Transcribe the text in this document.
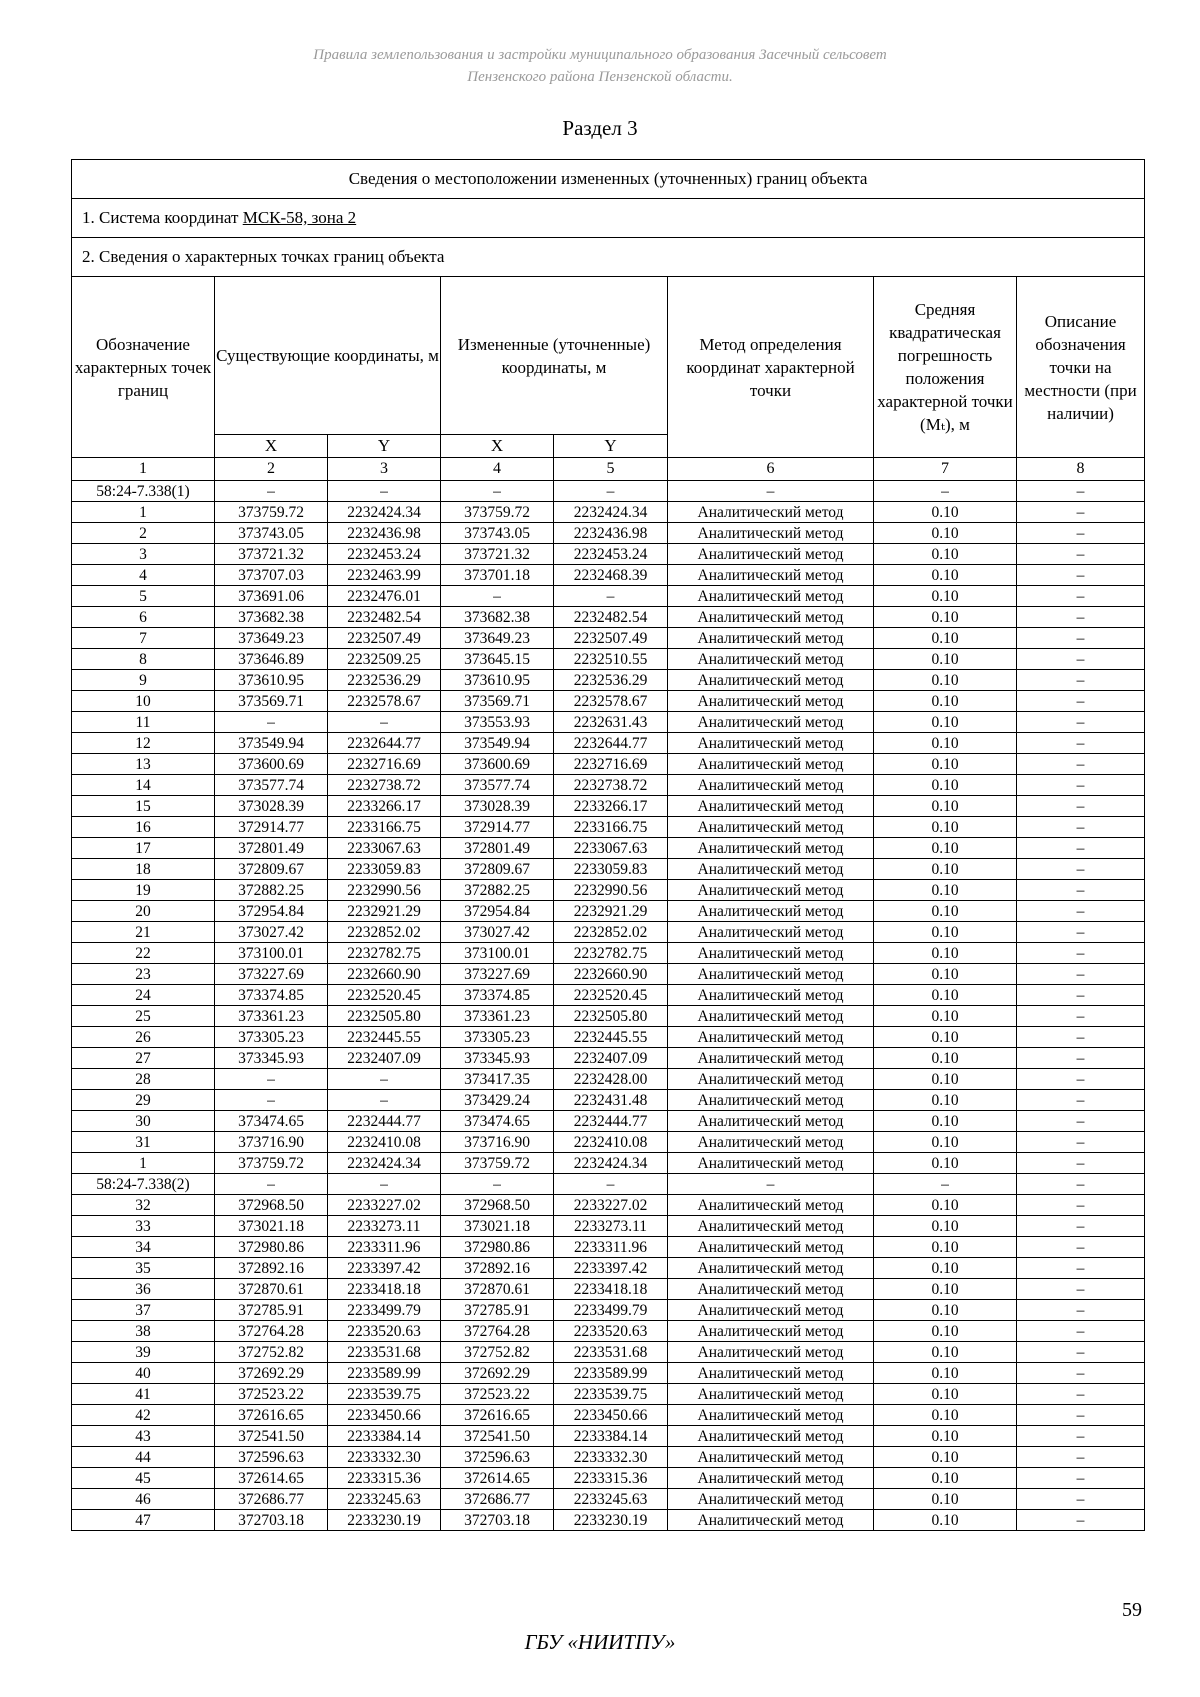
Правила землепользования и застройки муниципального образования Засечный сельсовет
Пензенского района Пензенской области.
Раздел 3
Сведения о местоположении измененных (уточненных) границ объекта							
1. Система координат МСК-58, зона 2							
2. Сведения о характерных точках границ объекта							
Обозначение характерных точек границ	Существующие координаты, м		Измененные (уточненные) координаты, м		Метод определения координат характерной точки	Средняя квадратическая погрешность положения характерной точки (Mₜ), м	Описание обозначения точки на местности (при наличии)
	X	Y	X	Y			
1	2	3	4	5	6	7	8
58:24-7.338(1)	–	–	–	–	–	–	–
1	373759.72	2232424.34	373759.72	2232424.34	Аналитический метод	0.10	–
2	373743.05	2232436.98	373743.05	2232436.98	Аналитический метод	0.10	–
3	373721.32	2232453.24	373721.32	2232453.24	Аналитический метод	0.10	–
4	373707.03	2232463.99	373701.18	2232468.39	Аналитический метод	0.10	–
5	373691.06	2232476.01	–	–	Аналитический метод	0.10	–
6	373682.38	2232482.54	373682.38	2232482.54	Аналитический метод	0.10	–
7	373649.23	2232507.49	373649.23	2232507.49	Аналитический метод	0.10	–
8	373646.89	2232509.25	373645.15	2232510.55	Аналитический метод	0.10	–
9	373610.95	2232536.29	373610.95	2232536.29	Аналитический метод	0.10	–
10	373569.71	2232578.67	373569.71	2232578.67	Аналитический метод	0.10	–
11	–	–	373553.93	2232631.43	Аналитический метод	0.10	–
12	373549.94	2232644.77	373549.94	2232644.77	Аналитический метод	0.10	–
13	373600.69	2232716.69	373600.69	2232716.69	Аналитический метод	0.10	–
14	373577.74	2232738.72	373577.74	2232738.72	Аналитический метод	0.10	–
15	373028.39	2233266.17	373028.39	2233266.17	Аналитический метод	0.10	–
16	372914.77	2233166.75	372914.77	2233166.75	Аналитический метод	0.10	–
17	372801.49	2233067.63	372801.49	2233067.63	Аналитический метод	0.10	–
18	372809.67	2233059.83	372809.67	2233059.83	Аналитический метод	0.10	–
19	372882.25	2232990.56	372882.25	2232990.56	Аналитический метод	0.10	–
20	372954.84	2232921.29	372954.84	2232921.29	Аналитический метод	0.10	–
21	373027.42	2232852.02	373027.42	2232852.02	Аналитический метод	0.10	–
22	373100.01	2232782.75	373100.01	2232782.75	Аналитический метод	0.10	–
23	373227.69	2232660.90	373227.69	2232660.90	Аналитический метод	0.10	–
24	373374.85	2232520.45	373374.85	2232520.45	Аналитический метод	0.10	–
25	373361.23	2232505.80	373361.23	2232505.80	Аналитический метод	0.10	–
26	373305.23	2232445.55	373305.23	2232445.55	Аналитический метод	0.10	–
27	373345.93	2232407.09	373345.93	2232407.09	Аналитический метод	0.10	–
28	–	–	373417.35	2232428.00	Аналитический метод	0.10	–
29	–	–	373429.24	2232431.48	Аналитический метод	0.10	–
30	373474.65	2232444.77	373474.65	2232444.77	Аналитический метод	0.10	–
31	373716.90	2232410.08	373716.90	2232410.08	Аналитический метод	0.10	–
1	373759.72	2232424.34	373759.72	2232424.34	Аналитический метод	0.10	–
58:24-7.338(2)	–	–	–	–	–	–	–
32	372968.50	2233227.02	372968.50	2233227.02	Аналитический метод	0.10	–
33	373021.18	2233273.11	373021.18	2233273.11	Аналитический метод	0.10	–
34	372980.86	2233311.96	372980.86	2233311.96	Аналитический метод	0.10	–
35	372892.16	2233397.42	372892.16	2233397.42	Аналитический метод	0.10	–
36	372870.61	2233418.18	372870.61	2233418.18	Аналитический метод	0.10	–
37	372785.91	2233499.79	372785.91	2233499.79	Аналитический метод	0.10	–
38	372764.28	2233520.63	372764.28	2233520.63	Аналитический метод	0.10	–
39	372752.82	2233531.68	372752.82	2233531.68	Аналитический метод	0.10	–
40	372692.29	2233589.99	372692.29	2233589.99	Аналитический метод	0.10	–
41	372523.22	2233539.75	372523.22	2233539.75	Аналитический метод	0.10	–
42	372616.65	2233450.66	372616.65	2233450.66	Аналитический метод	0.10	–
43	372541.50	2233384.14	372541.50	2233384.14	Аналитический метод	0.10	–
44	372596.63	2233332.30	372596.63	2233332.30	Аналитический метод	0.10	–
45	372614.65	2233315.36	372614.65	2233315.36	Аналитический метод	0.10	–
46	372686.77	2233245.63	372686.77	2233245.63	Аналитический метод	0.10	–
47	372703.18	2233230.19	372703.18	2233230.19	Аналитический метод	0.10	–
59
ГБУ «НИИТПУ»
